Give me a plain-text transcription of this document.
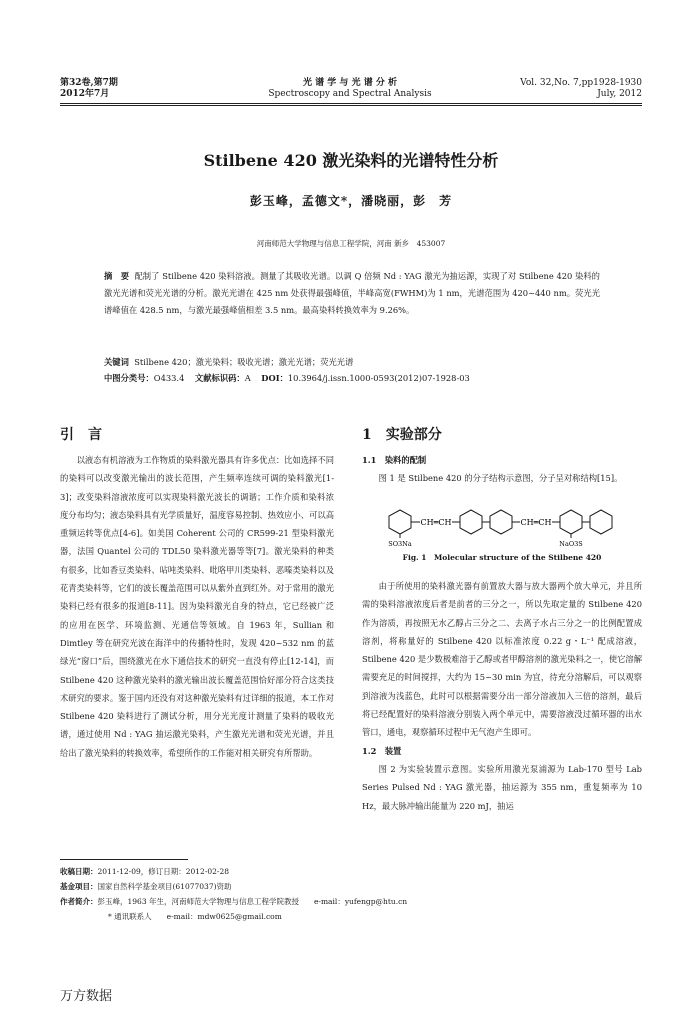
第32卷,第7期
2012年7月
光 谱 学 与 光 谱 分 析
Spectroscopy and Spectral Analysis
Vol. 32,No. 7,pp1928-1930
July, 2012
Stilbene 420 激光染料的光谱特性分析
彭玉峰，孟德文*，潘晓丽，彭　芳
河南师范大学物理与信息工程学院，河南 新乡　453007
摘　要 配制了 Stilbene 420 染料溶液。测量了其吸收光谱。以调 Q 倍频 Nd : YAG 激光为抽运源，实现了对 Stilbene 420 染料的激光光谱和荧光光谱的分析。激光光谱在 425 nm 处获得最强峰值，半峰高宽(FWHM)为 1 nm，光谱范围为 420~440 nm。荧光光谱峰值在 428.5 nm，与激光最强峰值相差 3.5 nm。最高染料转换效率为 9.26%。
关键词 Stilbene 420；激光染料；吸收光谱；激光光谱；荧光光谱
中图分类号：O433.4 文献标识码：A DOI：10.3964/j.issn.1000-0593(2012)07-1928-03
引　言	1　实验部分

以液态有机溶液为工作物质的染料激光器具有许多优点：比如选择不同的染料可以改变激光输出的波长范围，产生频率连续可调的染料激光[1-3]；改变染料溶液浓度可以实现染料激光波长的调谐；工作介质和染料浓度分布均匀；液态染料具有光学质量好，温度容易控制、热效应小、可以高重频运转等优点[4-6]。如美国 Coherent 公司的 CR599-21 型染料激光器，法国 Quantel 公司的 TDL50 染料激光器等等[7]。激光染料的种类有很多，比如香豆类染料、呫吨类染料、吡咯甲川类染料、恶嗪类染料以及花青类染料等，它们的波长覆盖范围可以从紫外直到红外。对于常用的激光染料已经有很多的报道[8-11]。因为染料激光自身的特点，它已经被广泛的应用在医学、环境监测、光通信等领域。自 1963 年，Sullian 和 Dimtley 等在研究光波在海洋中的传播特性时，发现 420~532 nm 的蓝绿光“窗口”后，围绕激光在水下通信技术的研究一直没有停止[12-14]，而 Stilbene 420 这种激光染料的激光输出波长覆盖范围恰好部分符合这类技术研究的要求。鉴于国内还没有对这种激光染料有过详细的报道，本工作对 Stilbene 420 染料进行了测试分析，用分光光度计测量了染料的吸收光谱，通过使用 Nd : YAG 抽运激光染料，产生激光光谱和荧光光谱，并且给出了激光染料的转换效率，希望所作的工作能对相关研究有所帮助。

1.1　染料的配制

图 1 是 Stilbene 420 的分子结构示意图，分子呈对称结构[15]。

CH═CH	CH═CH
SO3Na	NaO3S
Fig. 1　Molecular structure of the Stilbene 420

由于所使用的染料激光器有前置放大器与放大器两个放大单元，并且所需的染料溶液浓度后者是前者的三分之一，所以先取定量的 Stilbene 420 作为溶质，再按照无水乙醇占三分之二、去离子水占三分之一的比例配置成溶剂，将称量好的 Stilbene 420 以标准浓度 0.22 g・L⁻¹ 配成溶液，Stilbene 420 是少数极难溶于乙醇或者甲醇溶剂的激光染料之一，使它溶解需要充足的时间搅拌，大约为 15~30 min 为宜，待充分溶解后，可以观察到溶液为浅蓝色，此时可以根据需要分出一部分溶液加入三倍的溶剂，最后将已经配置好的染料溶液分别装入两个单元中，需要溶液没过循环器的出水管口，通电，观察循环过程中无气泡产生即可。

1.2　装置

图 2 为实验装置示意图。实验所用激光泵浦源为 Lab-170 型号 Lab Series Pulsed Nd : YAG 激光器，抽运源为 355 nm，重复频率为 10 Hz，最大脉冲输出能量为 220 mJ，抽运

收稿日期：2011-12-09，修订日期：2012-02-28
基金项目：国家自然科学基金项目(61077037)资助
作者简介：彭玉峰，1963 年生，河南师范大学物理与信息工程学院教授　　e-mail：yufengp@htu.cn
* 通讯联系人　　e-mail：mdw0625@gmail.com
万方数据
